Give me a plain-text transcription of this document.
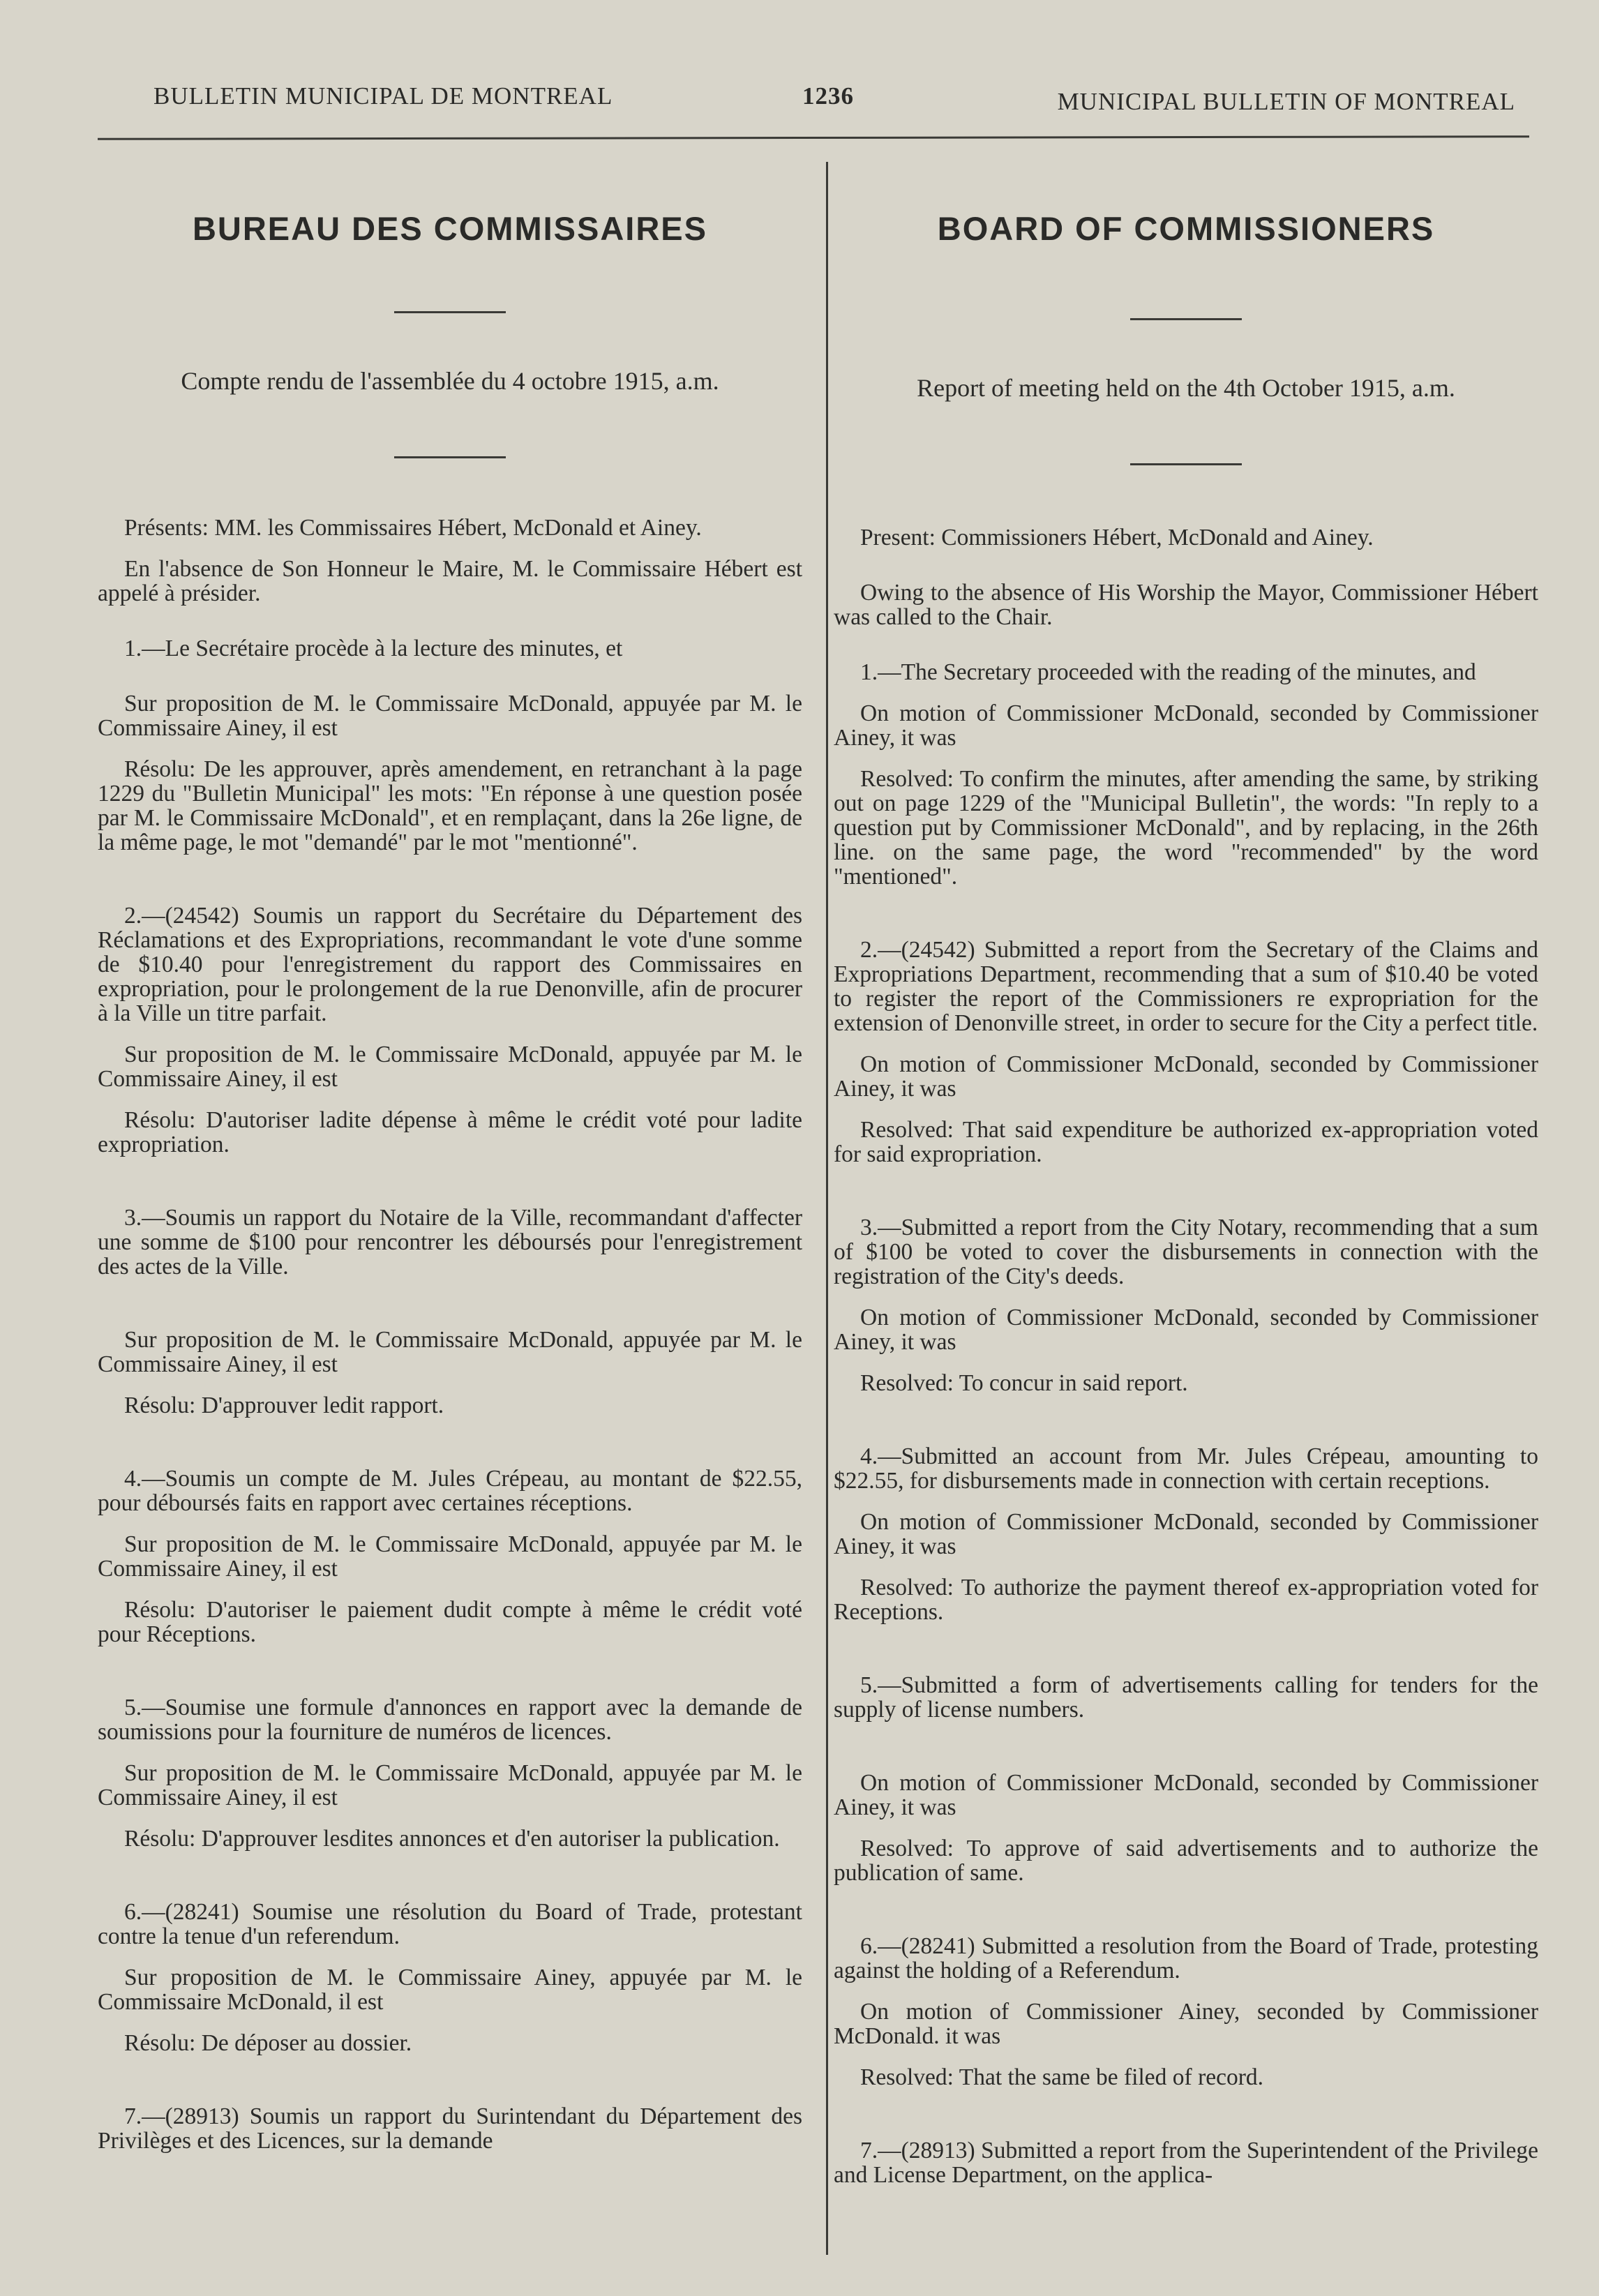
BULLETIN MUNICIPAL DE MONTREAL	1236	MUNICIPAL BULLETIN OF MONTREAL
BUREAU DES COMMISSAIRES
Compte rendu de l'assemblée du 4 octobre 1915, a.m.

Présents: MM. les Commissaires Hébert, McDonald et Ainey.

En l'absence de Son Honneur le Maire, M. le Commissaire Hébert est appelé à présider.

1.—Le Secrétaire procède à la lecture des minutes, et

Sur proposition de M. le Commissaire McDonald, appuyée par M. le Commissaire Ainey, il est

Résolu: De les approuver, après amendement, en retranchant à la page 1229 du "Bulletin Municipal" les mots: "En réponse à une question posée par M. le Commissaire McDonald", et en remplaçant, dans la 26e ligne, de la même page, le mot "demandé" par le mot "mentionné".

2.—(24542) Soumis un rapport du Secrétaire du Département des Réclamations et des Expropriations, recommandant le vote d'une somme de $10.40 pour l'enregistrement du rapport des Commissaires en expropriation, pour le prolongement de la rue Denonville, afin de procurer à la Ville un titre parfait.

Sur proposition de M. le Commissaire McDonald, appuyée par M. le Commissaire Ainey, il est

Résolu: D'autoriser ladite dépense à même le crédit voté pour ladite expropriation.

3.—Soumis un rapport du Notaire de la Ville, recommandant d'affecter une somme de $100 pour rencontrer les déboursés pour l'enregistrement des actes de la Ville.

Sur proposition de M. le Commissaire McDonald, appuyée par M. le Commissaire Ainey, il est

Résolu: D'approuver ledit rapport.

4.—Soumis un compte de M. Jules Crépeau, au montant de $22.55, pour déboursés faits en rapport avec certaines réceptions.

Sur proposition de M. le Commissaire McDonald, appuyée par M. le Commissaire Ainey, il est

Résolu: D'autoriser le paiement dudit compte à même le crédit voté pour Réceptions.

5.—Soumise une formule d'annonces en rapport avec la demande de soumissions pour la fourniture de numéros de licences.

Sur proposition de M. le Commissaire McDonald, appuyée par M. le Commissaire Ainey, il est

Résolu: D'approuver lesdites annonces et d'en autoriser la publication.

6.—(28241) Soumise une résolution du Board of Trade, protestant contre la tenue d'un referendum.

Sur proposition de M. le Commissaire Ainey, appuyée par M. le Commissaire McDonald, il est

Résolu: De déposer au dossier.

7.—(28913) Soumis un rapport du Surintendant du Département des Privilèges et des Licences, sur la demande

BOARD OF COMMISSIONERS
Report of meeting held on the 4th October 1915, a.m.

Present: Commissioners Hébert, McDonald and Ainey.

Owing to the absence of His Worship the Mayor, Commissioner Hébert was called to the Chair.

1.—The Secretary proceeded with the reading of the minutes, and

On motion of Commissioner McDonald, seconded by Commissioner Ainey, it was

Resolved: To confirm the minutes, after amending the same, by striking out on page 1229 of the "Municipal Bulletin", the words: "In reply to a question put by Commissioner McDonald", and by replacing, in the 26th line. on the same page, the word "recommended" by the word "mentioned".

2.—(24542) Submitted a report from the Secretary of the Claims and Expropriations Department, recommending that a sum of $10.40 be voted to register the report of the Commissioners re expropriation for the extension of Denonville street, in order to secure for the City a perfect title.

On motion of Commissioner McDonald, seconded by Commissioner Ainey, it was

Resolved: That said expenditure be authorized ex-appropriation voted for said expropriation.

3.—Submitted a report from the City Notary, recommending that a sum of $100 be voted to cover the disbursements in connection with the registration of the City's deeds.

On motion of Commissioner McDonald, seconded by Commissioner Ainey, it was

Resolved: To concur in said report.

4.—Submitted an account from Mr. Jules Crépeau, amounting to $22.55, for disbursements made in connection with certain receptions.

On motion of Commissioner McDonald, seconded by Commissioner Ainey, it was

Resolved: To authorize the payment thereof ex-appropriation voted for Receptions.

5.—Submitted a form of advertisements calling for tenders for the supply of license numbers.

On motion of Commissioner McDonald, seconded by Commissioner Ainey, it was

Resolved: To approve of said advertisements and to authorize the publication of same.

6.—(28241) Submitted a resolution from the Board of Trade, protesting against the holding of a Referendum.

On motion of Commissioner Ainey, seconded by Commissioner McDonald. it was

Resolved: That the same be filed of record.

7.—(28913) Submitted a report from the Superintendent of the Privilege and License Department, on the applica-
